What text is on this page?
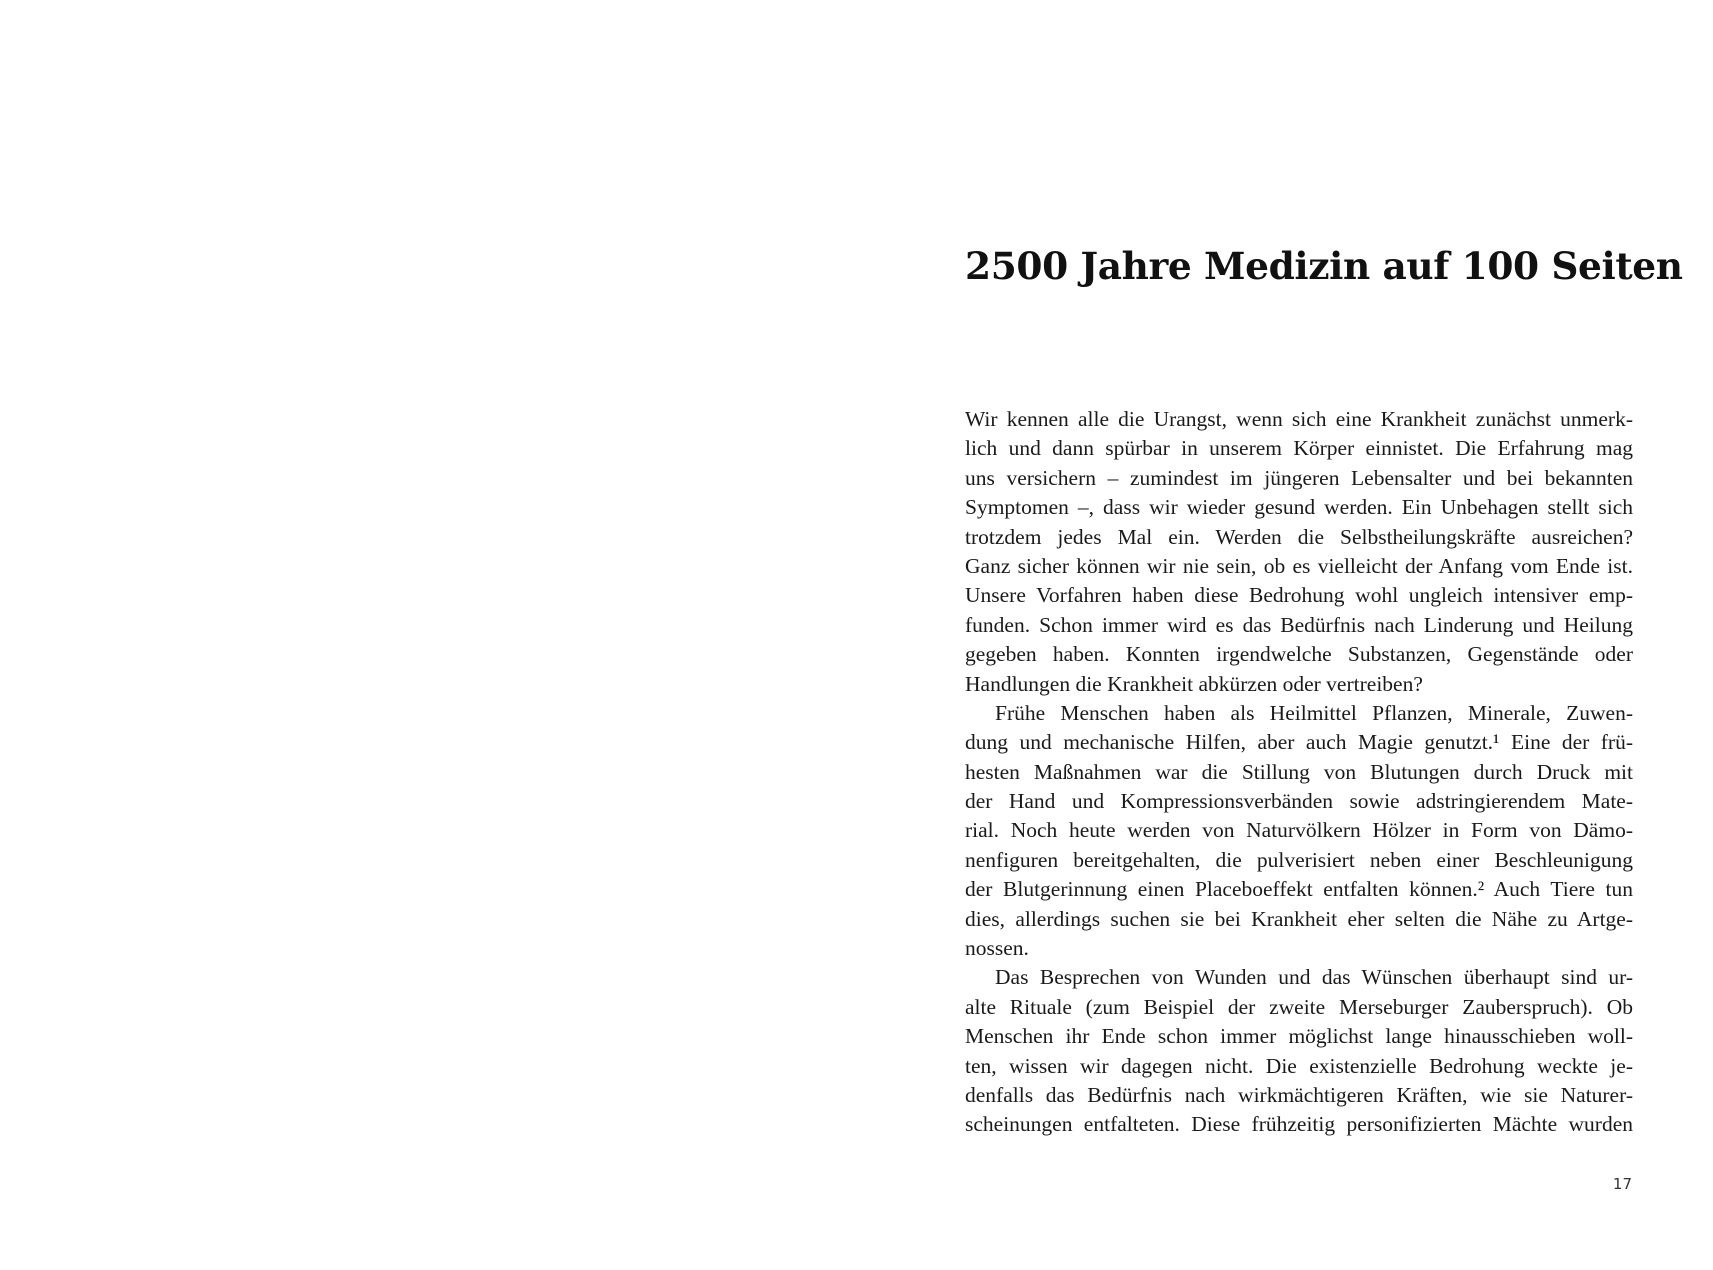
2500 Jahre Medizin auf 100 Seiten
Wir kennen alle die Urangst, wenn sich eine Krankheit zunächst unmerk-
lich und dann spürbar in unserem Körper einnistet. Die Erfahrung mag
uns versichern – zumindest im jüngeren Lebensalter und bei bekannten
Symptomen –, dass wir wieder gesund werden. Ein Unbehagen stellt sich
trotzdem jedes Mal ein. Werden die Selbstheilungskräfte ausreichen?
Ganz sicher können wir nie sein, ob es vielleicht der Anfang vom Ende ist.
Unsere Vorfahren haben diese Bedrohung wohl ungleich intensiver emp-
funden. Schon immer wird es das Bedürfnis nach Linderung und Heilung
gegeben haben. Konnten irgendwelche Substanzen, Gegenstände oder
Handlungen die Krankheit abkürzen oder vertreiben?
Frühe Menschen haben als Heilmittel Pflanzen, Minerale, Zuwen-
dung und mechanische Hilfen, aber auch Magie genutzt.¹ Eine der frü-
hesten Maßnahmen war die Stillung von Blutungen durch Druck mit
der Hand und Kompressionsverbänden sowie adstringierendem Mate-
rial. Noch heute werden von Naturvölkern Hölzer in Form von Dämo-
nenfiguren bereitgehalten, die pulverisiert neben einer Beschleunigung
der Blutgerinnung einen Placeboeffekt entfalten können.² Auch Tiere tun
dies, allerdings suchen sie bei Krankheit eher selten die Nähe zu Artge-
nossen.
Das Besprechen von Wunden und das Wünschen überhaupt sind ur-
alte Rituale (zum Beispiel der zweite Merseburger Zauberspruch). Ob
Menschen ihr Ende schon immer möglichst lange hinausschieben woll-
ten, wissen wir dagegen nicht. Die existenzielle Bedrohung weckte je-
denfalls das Bedürfnis nach wirkmächtigeren Kräften, wie sie Naturer-
scheinungen entfalteten. Diese frühzeitig personifizierten Mächte wurden
17
